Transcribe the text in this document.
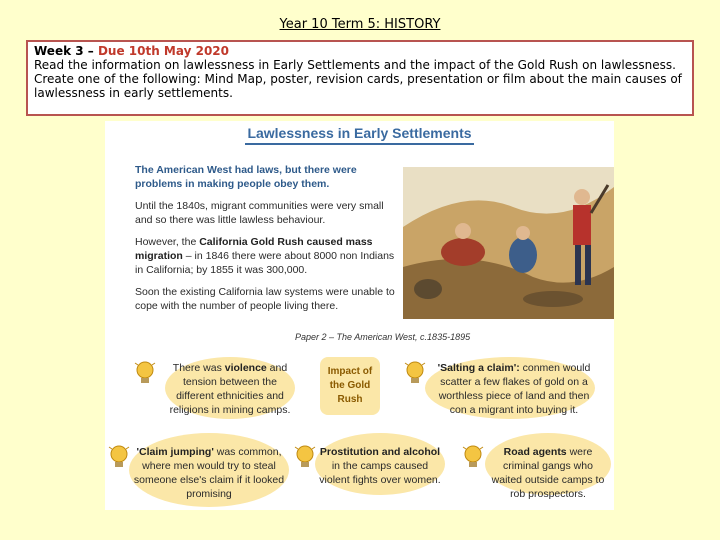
Year 10 Term 5: HISTORY
Week 3 – Due 10th May 2020

Read the information on lawlessness in Early Settlements and the impact of the Gold Rush on lawlessness.

Create one of the following: Mind Map, poster, revision cards, presentation or film about the main causes of lawlessness in early settlements.

Lawlessness in Early Settlements

The American West had laws, but there were problems in making people obey them.

Until the 1840s, migrant communities were very small and so there was little lawless behaviour.

However, the California Gold Rush caused mass migration – in 1846 there were about 8000 non Indians in California; by 1855 it was 300,000.

Soon the existing California law systems were unable to cope with the number of people living there.

Paper 2 – The American West, c.1835-1895
Impact of the Gold Rush
There was violence and tension between the different ethnicities and religions in mining camps.
'Salting a claim': conmen would scatter a few flakes of gold on a worthless piece of land and then con a migrant into buying it.
'Claim jumping' was common, where men would try to steal someone else's claim if it looked promising
Prostitution and alcohol in the camps caused violent fights over women.
Road agents were criminal gangs who waited outside camps to rob prospectors.
